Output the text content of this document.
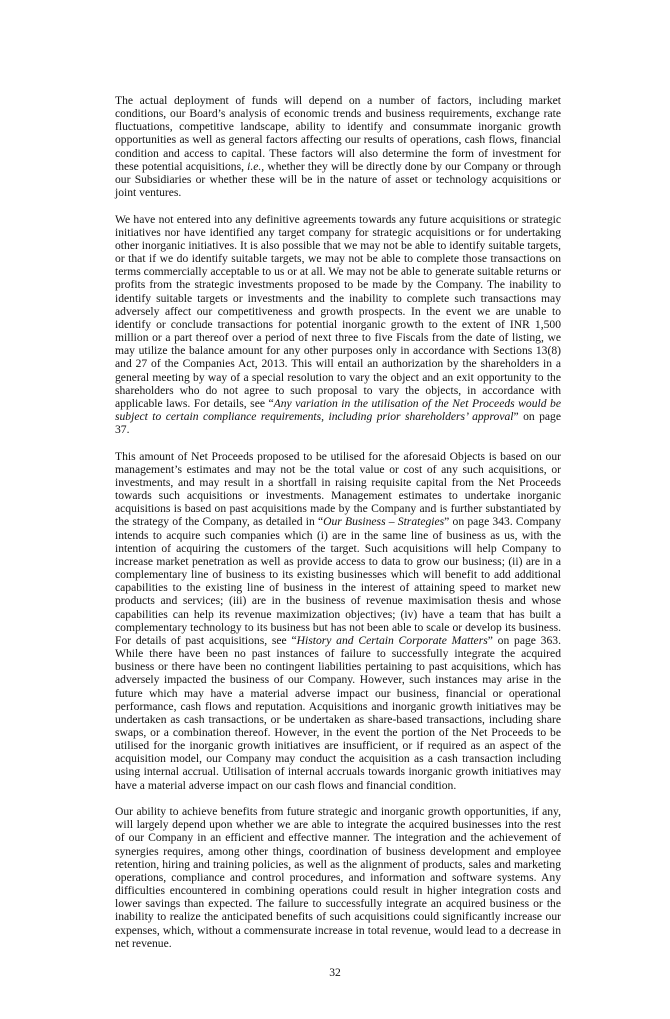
The actual deployment of funds will depend on a number of factors, including market conditions, our Board’s analysis of economic trends and business requirements, exchange rate fluctuations, competitive landscape, ability to identify and consummate inorganic growth opportunities as well as general factors affecting our results of operations, cash flows, financial condition and access to capital. These factors will also determine the form of investment for these potential acquisitions, i.e., whether they will be directly done by our Company or through our Subsidiaries or whether these will be in the nature of asset or technology acquisitions or joint ventures.

We have not entered into any definitive agreements towards any future acquisitions or strategic initiatives nor have identified any target company for strategic acquisitions or for undertaking other inorganic initiatives. It is also possible that we may not be able to identify suitable targets, or that if we do identify suitable targets, we may not be able to complete those transactions on terms commercially acceptable to us or at all. We may not be able to generate suitable returns or profits from the strategic investments proposed to be made by the Company. The inability to identify suitable targets or investments and the inability to complete such transactions may adversely affect our competitiveness and growth prospects. In the event we are unable to identify or conclude transactions for potential inorganic growth to the extent of INR 1,500 million or a part thereof over a period of next three to five Fiscals from the date of listing, we may utilize the balance amount for any other purposes only in accordance with Sections 13(8) and 27 of the Companies Act, 2013. This will entail an authorization by the shareholders in a general meeting by way of a special resolution to vary the object and an exit opportunity to the shareholders who do not agree to such proposal to vary the objects, in accordance with applicable laws. For details, see “Any variation in the utilisation of the Net Proceeds would be subject to certain compliance requirements, including prior shareholders’ approval” on page 37.

This amount of Net Proceeds proposed to be utilised for the aforesaid Objects is based on our management’s estimates and may not be the total value or cost of any such acquisitions, or investments, and may result in a shortfall in raising requisite capital from the Net Proceeds towards such acquisitions or investments. Management estimates to undertake inorganic acquisitions is based on past acquisitions made by the Company and is further substantiated by the strategy of the Company, as detailed in “Our Business – Strategies” on page 343. Company intends to acquire such companies which (i) are in the same line of business as us, with the intention of acquiring the customers of the target. Such acquisitions will help Company to increase market penetration as well as provide access to data to grow our business; (ii) are in a complementary line of business to its existing businesses which will benefit to add additional capabilities to the existing line of business in the interest of attaining speed to market new products and services; (iii) are in the business of revenue maximisation thesis and whose capabilities can help its revenue maximization objectives; (iv) have a team that has built a complementary technology to its business but has not been able to scale or develop its business. For details of past acquisitions, see “History and Certain Corporate Matters” on page 363. While there have been no past instances of failure to successfully integrate the acquired business or there have been no contingent liabilities pertaining to past acquisitions, which has adversely impacted the business of our Company. However, such instances may arise in the future which may have a material adverse impact our business, financial or operational performance, cash flows and reputation. Acquisitions and inorganic growth initiatives may be undertaken as cash transactions, or be undertaken as share-based transactions, including share swaps, or a combination thereof. However, in the event the portion of the Net Proceeds to be utilised for the inorganic growth initiatives are insufficient, or if required as an aspect of the acquisition model, our Company may conduct the acquisition as a cash transaction including using internal accrual. Utilisation of internal accruals towards inorganic growth initiatives may have a material adverse impact on our cash flows and financial condition.

Our ability to achieve benefits from future strategic and inorganic growth opportunities, if any, will largely depend upon whether we are able to integrate the acquired businesses into the rest of our Company in an efficient and effective manner. The integration and the achievement of synergies requires, among other things, coordination of business development and employee retention, hiring and training policies, as well as the alignment of products, sales and marketing operations, compliance and control procedures, and information and software systems. Any difficulties encountered in combining operations could result in higher integration costs and lower savings than expected. The failure to successfully integrate an acquired business or the inability to realize the anticipated benefits of such acquisitions could significantly increase our expenses, which, without a commensurate increase in total revenue, would lead to a decrease in net revenue.

32
